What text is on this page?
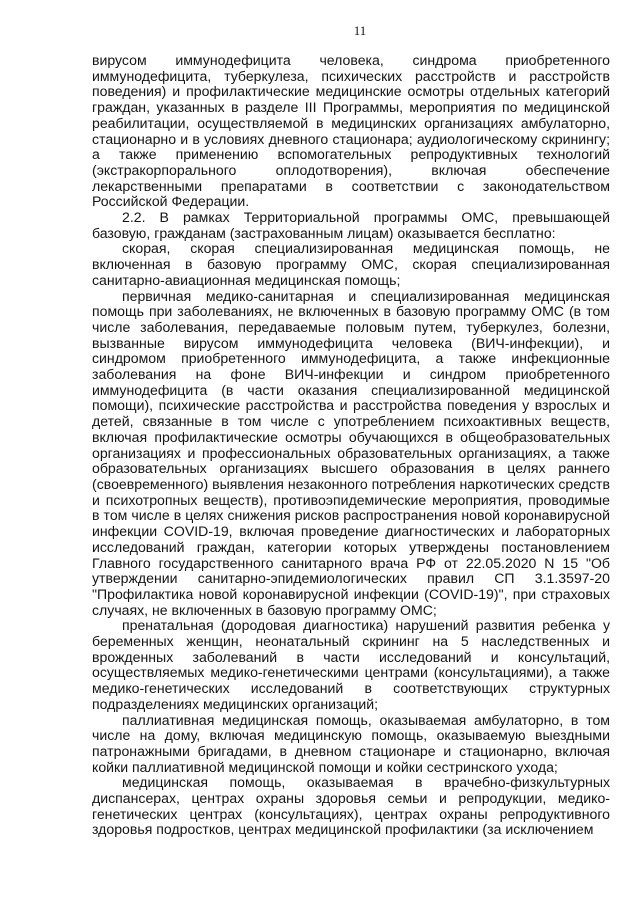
11

вирусом иммунодефицита человека, синдрома приобретенного иммунодефицита, туберкулеза, психических расстройств и расстройств поведения) и профилактические медицинские осмотры отдельных категорий граждан, указанных в разделе III Программы, мероприятия по медицинской реабилитации, осуществляемой в медицинских организациях амбулаторно, стационарно и в условиях дневного стационара; аудиологическому скринингу; а также применению вспомогательных репродуктивных технологий (экстракорпорального оплодотворения), включая обеспечение лекарственными препаратами в соответствии с законодательством Российской Федерации.

2.2. В рамках Территориальной программы ОМС, превышающей базовую, гражданам (застрахованным лицам) оказывается бесплатно:

скорая, скорая специализированная медицинская помощь, не включенная в базовую программу ОМС, скорая специализированная санитарно-авиационная медицинская помощь;

первичная медико-санитарная и специализированная медицинская помощь при заболеваниях, не включенных в базовую программу ОМС (в том числе заболевания, передаваемые половым путем, туберкулез, болезни, вызванные вирусом иммунодефицита человека (ВИЧ-инфекции), и синдромом приобретенного иммунодефицита, а также инфекционные заболевания на фоне ВИЧ-инфекции и синдром приобретенного иммунодефицита (в части оказания специализированной медицинской помощи), психические расстройства и расстройства поведения у взрослых и детей, связанные в том числе с употреблением психоактивных веществ, включая профилактические осмотры обучающихся в общеобразовательных организациях и профессиональных образовательных организациях, а также образовательных организациях высшего образования в целях раннего (своевременного) выявления незаконного потребления наркотических средств и психотропных веществ), противоэпидемические мероприятия, проводимые в том числе в целях снижения рисков распространения новой коронавирусной инфекции COVID-19, включая проведение диагностических и лабораторных исследований граждан, категории которых утверждены постановлением Главного государственного санитарного врача РФ от 22.05.2020 N 15 "Об утверждении санитарно-эпидемиологических правил СП 3.1.3597-20 "Профилактика новой коронавирусной инфекции (COVID-19)", при страховых случаях, не включенных в базовую программу ОМС;

пренатальная (дородовая диагностика) нарушений развития ребенка у беременных женщин, неонатальный скрининг на 5 наследственных и врожденных заболеваний в части исследований и консультаций, осуществляемых медико-генетическими центрами (консультациями), а также медико-генетических исследований в соответствующих структурных подразделениях медицинских организаций;

паллиативная медицинская помощь, оказываемая амбулаторно, в том числе на дому, включая медицинскую помощь, оказываемую выездными патронажными бригадами, в дневном стационаре и стационарно, включая койки паллиативной медицинской помощи и койки сестринского ухода;

медицинская помощь, оказываемая в врачебно-физкультурных диспансерах, центрах охраны здоровья семьи и репродукции, медико-генетических центрах (консультациях), центрах охраны репродуктивного здоровья подростков, центрах медицинской профилактики (за исключением
